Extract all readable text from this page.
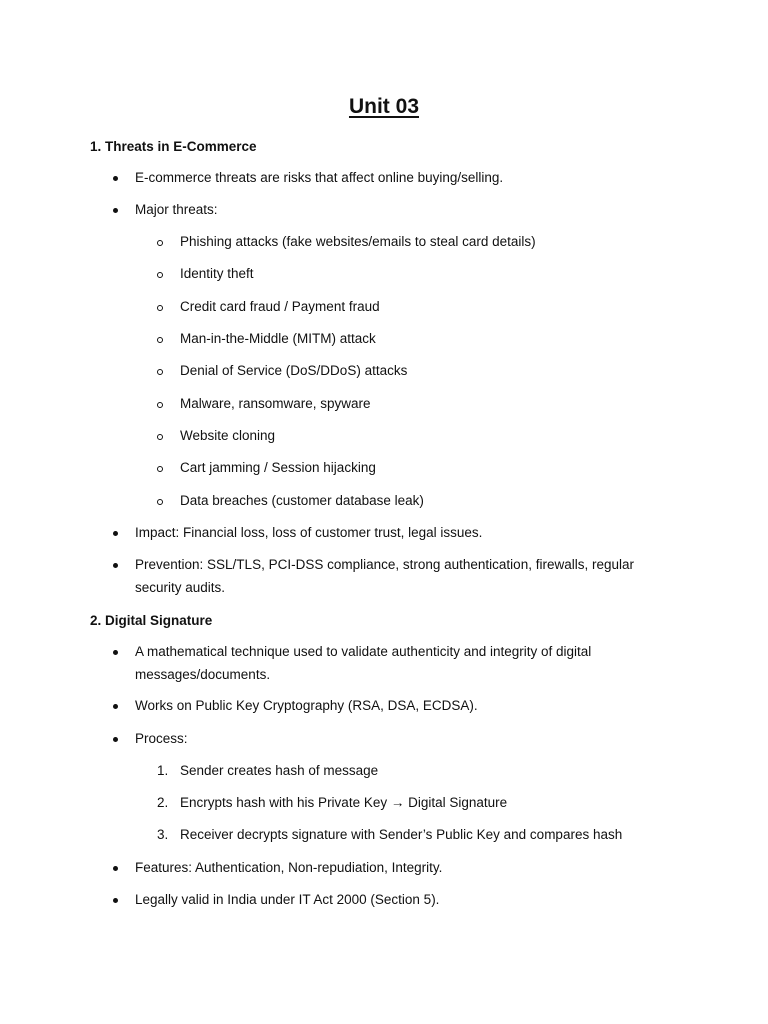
Unit 03
1. Threats in E-Commerce
E-commerce threats are risks that affect online buying/selling.
Major threats:
Phishing attacks (fake websites/emails to steal card details)
Identity theft
Credit card fraud / Payment fraud
Man-in-the-Middle (MITM) attack
Denial of Service (DoS/DDoS) attacks
Malware, ransomware, spyware
Website cloning
Cart jamming / Session hijacking
Data breaches (customer database leak)
Impact: Financial loss, loss of customer trust, legal issues.
Prevention: SSL/TLS, PCI-DSS compliance, strong authentication, firewalls, regular security audits.
2. Digital Signature
A mathematical technique used to validate authenticity and integrity of digital messages/documents.
Works on Public Key Cryptography (RSA, DSA, ECDSA).
Process:
1. Sender creates hash of message
2. Encrypts hash with his Private Key → Digital Signature
3. Receiver decrypts signature with Sender’s Public Key and compares hash
Features: Authentication, Non-repudiation, Integrity.
Legally valid in India under IT Act 2000 (Section 5).
